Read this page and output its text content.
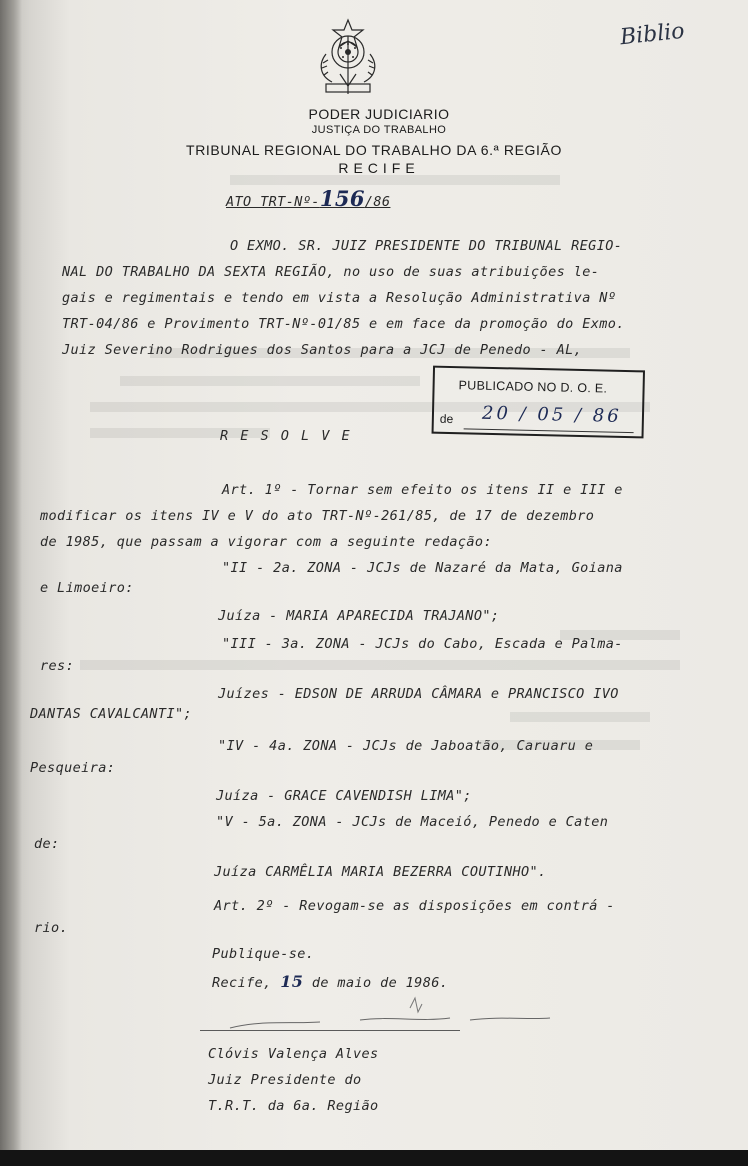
Biblio
PODER JUDICIARIO
JUSTIÇA DO TRABALHO
TRIBUNAL REGIONAL DO TRABALHO DA 6.ª REGIÃO
RECIFE
ATO TRT-Nº-156/86
O EXMO. SR. JUIZ PRESIDENTE DO TRIBUNAL REGIO-
NAL DO TRABALHO DA SEXTA REGIÃO, no uso de suas atribuições le-
gais e regimentais e tendo em vista a Resolução Administrativa Nº
TRT-04/86 e Provimento TRT-Nº-01/85 e em face da promoção do Exmo.
Juiz Severino Rodrigues dos Santos para a JCJ de Penedo - AL,
PUBLICADO NO D. O. E.
de 20 / 05 / 86
R E S O L V E
Art. 1º - Tornar sem efeito os itens II e III e
modificar os itens IV e V do ato TRT-Nº-261/85, de 17 de dezembro
de 1985, que passam a vigorar com a seguinte redação:
"II - 2a. ZONA - JCJs de Nazaré da Mata, Goiana
e Limoeiro:
Juíza - MARIA APARECIDA TRAJANO";
"III - 3a. ZONA - JCJs do Cabo, Escada e Palma-
res:
Juízes - EDSON DE ARRUDA CÂMARA e PRANCISCO IVO
DANTAS CAVALCANTI";
"IV - 4a. ZONA - JCJs de Jaboatão, Caruaru e
Pesqueira:
Juíza - GRACE CAVENDISH LIMA";
"V - 5a. ZONA - JCJs de Maceió, Penedo e Caten
de:
Juíza CARMÊLIA MARIA BEZERRA COUTINHO".
Art. 2º - Revogam-se as disposições em contrá -
rio.
Publique-se.
Recife, 15 de maio de 1986.
Clóvis Valença Alves
Juiz Presidente do
T.R.T. da 6a. Região
